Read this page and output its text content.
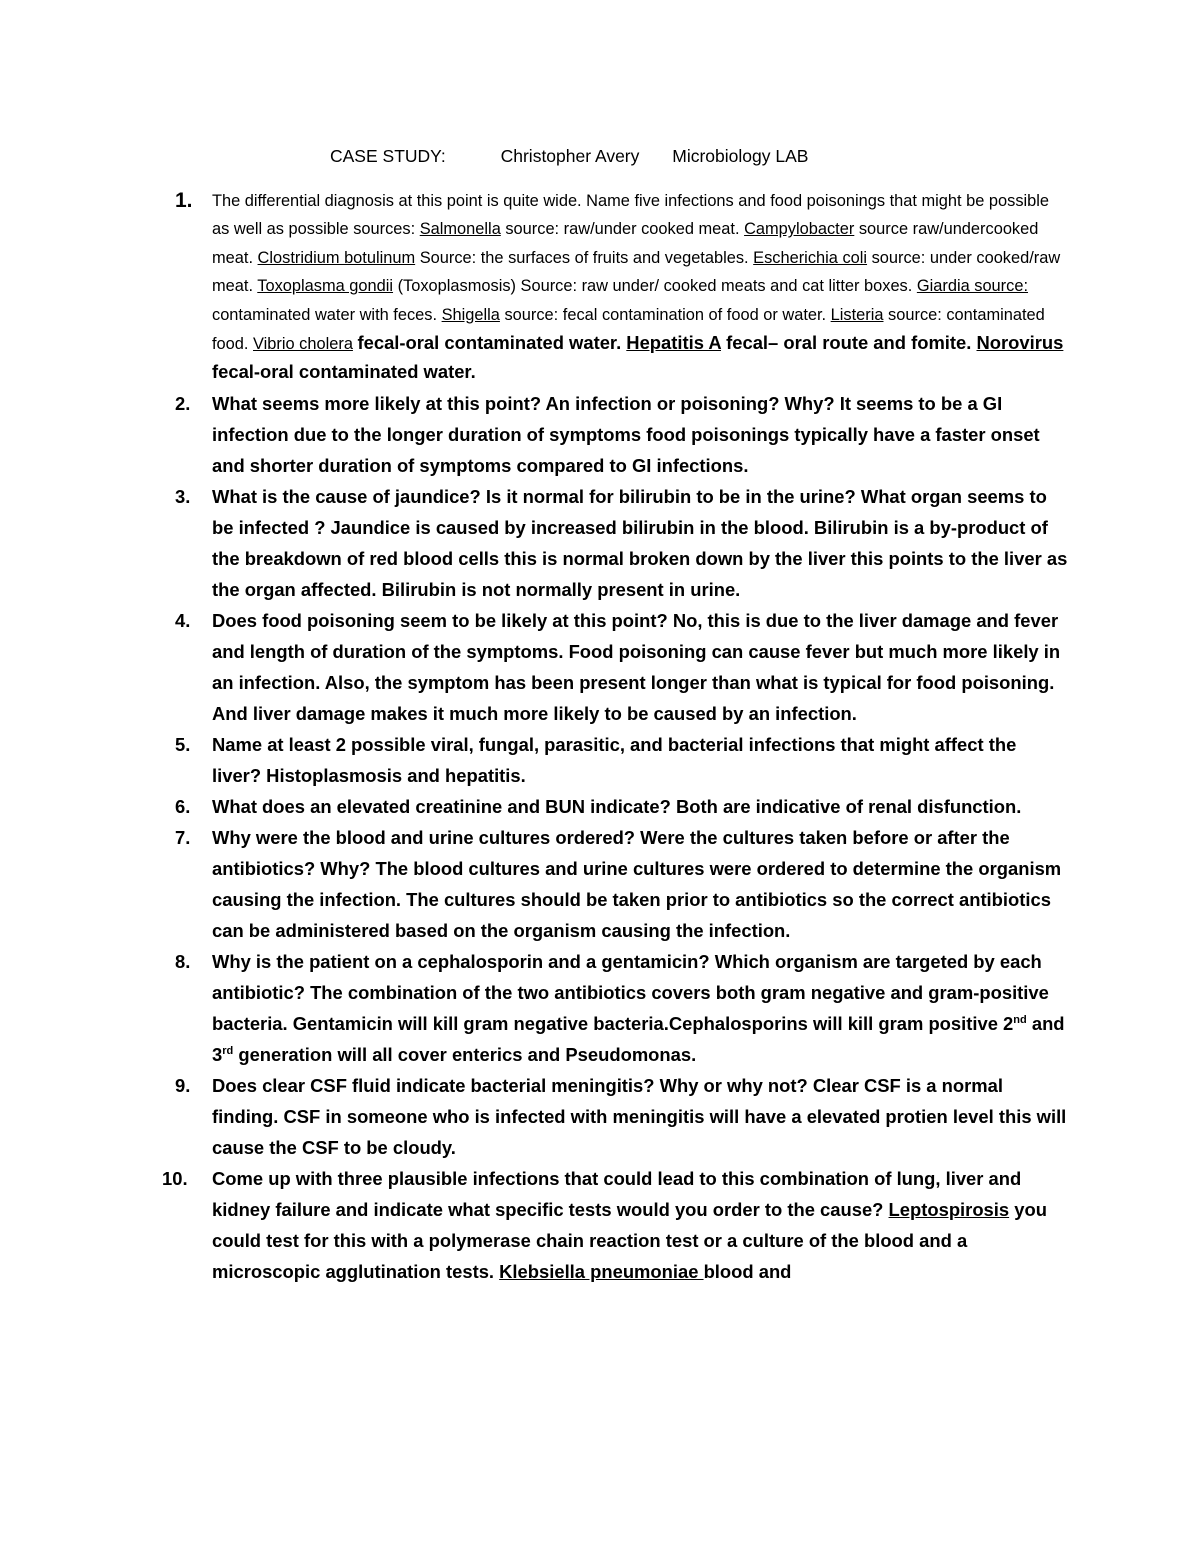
CASE STUDY:	Christopher Avery Microbiology LAB
1. The differential diagnosis at this point is quite wide. Name five infections and food poisonings that might be possible as well as possible sources: Salmonella source: raw/under cooked meat. Campylobacter source raw/undercooked meat. Clostridium botulinum Source: the surfaces of fruits and vegetables. Escherichia coli source: under cooked/raw meat. Toxoplasma gondii (Toxoplasmosis) Source: raw under/ cooked meats and cat litter boxes. Giardia source: contaminated water with feces. Shigella source: fecal contamination of food or water. Listeria source: contaminated food. Vibrio cholera fecal-oral contaminated water. Hepatitis A fecal– oral route and fomite. Norovirus fecal-oral contaminated water.
2. What seems more likely at this point? An infection or poisoning? Why? It seems to be a GI infection due to the longer duration of symptoms food poisonings typically have a faster onset and shorter duration of symptoms compared to GI infections.
3. What is the cause of jaundice? Is it normal for bilirubin to be in the urine? What organ seems to be infected ? Jaundice is caused by increased bilirubin in the blood. Bilirubin is a by-product of the breakdown of red blood cells this is normal broken down by the liver this points to the liver as the organ affected. Bilirubin is not normally present in urine.
4. Does food poisoning seem to be likely at this point? No, this is due to the liver damage and fever and length of duration of the symptoms. Food poisoning can cause fever but much more likely in an infection. Also, the symptom has been present longer than what is typical for food poisoning. And liver damage makes it much more likely to be caused by an infection.
5. Name at least 2 possible viral, fungal, parasitic, and bacterial infections that might affect the liver? Histoplasmosis and hepatitis.
6. What does an elevated creatinine and BUN indicate? Both are indicative of renal disfunction.
7. Why were the blood and urine cultures ordered? Were the cultures taken before or after the antibiotics? Why? The blood cultures and urine cultures were ordered to determine the organism causing the infection. The cultures should be taken prior to antibiotics so the correct antibiotics can be administered based on the organism causing the infection.
8. Why is the patient on a cephalosporin and a gentamicin? Which organism are targeted by each antibiotic? The combination of the two antibiotics covers both gram negative and gram-positive bacteria. Gentamicin will kill gram negative bacteria.Cephalosporins will kill gram positive 2nd and 3rd generation will all cover enterics and Pseudomonas.
9. Does clear CSF fluid indicate bacterial meningitis? Why or why not? Clear CSF is a normal finding. CSF in someone who is infected with meningitis will have a elevated protien level this will cause the CSF to be cloudy.
10. Come up with three plausible infections that could lead to this combination of lung, liver and kidney failure and indicate what specific tests would you order to the cause? Leptospirosis you could test for this with a polymerase chain reaction test or a culture of the blood and a microscopic agglutination tests. Klebsiella pneumoniae blood and
